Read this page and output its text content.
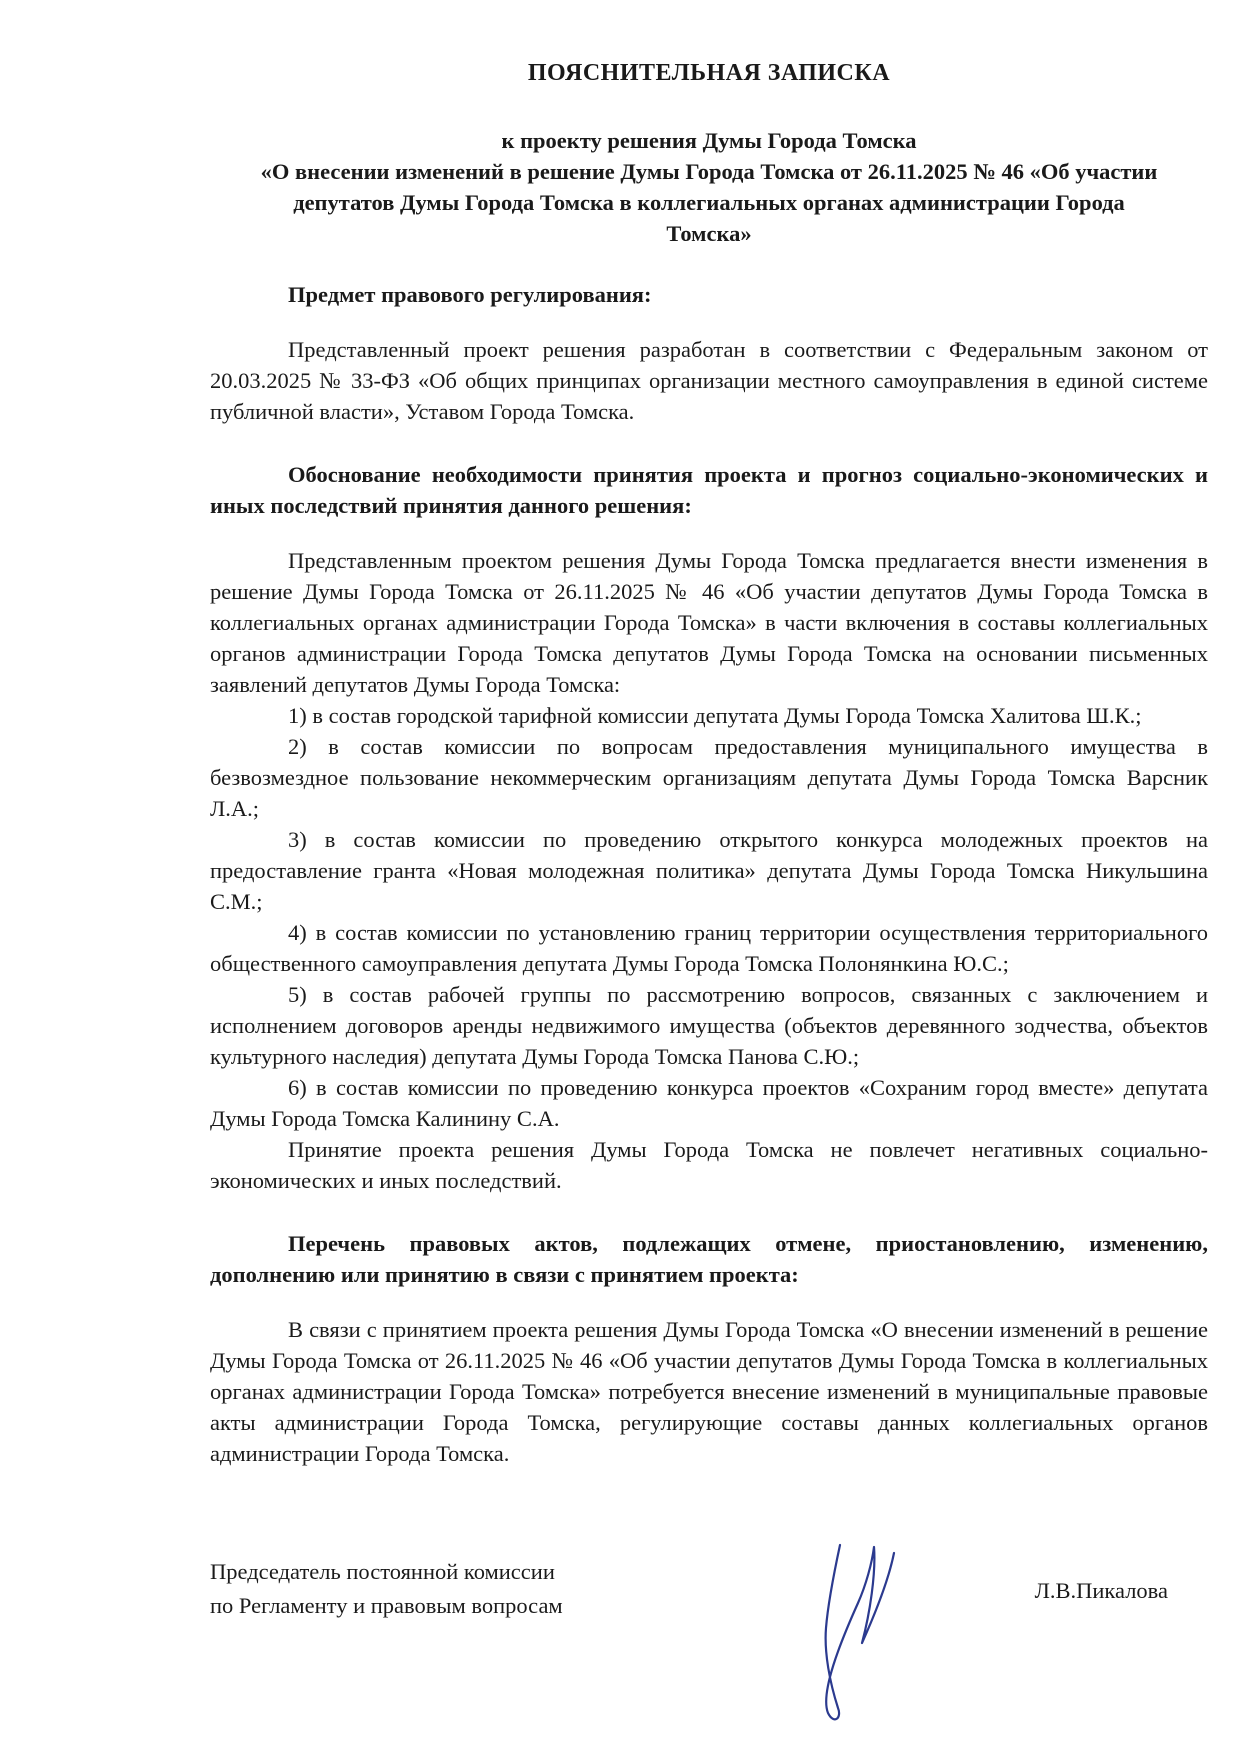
ПОЯСНИТЕЛЬНАЯ ЗАПИСКА
к проекту решения Думы Города Томска
«О внесении изменений в решение Думы Города Томска от 26.11.2025 № 46 «Об участии
депутатов Думы Города Томска в коллегиальных органах администрации Города
Томска»
Предмет правового регулирования:

Представленный проект решения разработан в соответствии с Федеральным законом от 20.03.2025 № 33-ФЗ «Об общих принципах организации местного самоуправления в единой системе публичной власти», Уставом Города Томска.

Обоснование необходимости принятия проекта и прогноз социально-экономических и иных последствий принятия данного решения:

Представленным проектом решения Думы Города Томска предлагается внести изменения в решение Думы Города Томска от 26.11.2025 № 46 «Об участии депутатов Думы Города Томска в коллегиальных органах администрации Города Томска» в части включения в составы коллегиальных органов администрации Города Томска депутатов Думы Города Томска на основании письменных заявлений депутатов Думы Города Томска:

1) в состав городской тарифной комиссии депутата Думы Города Томска Халитова Ш.К.;

2) в состав комиссии по вопросам предоставления муниципального имущества в безвозмездное пользование некоммерческим организациям депутата Думы Города Томска Варсник Л.А.;

3) в состав комиссии по проведению открытого конкурса молодежных проектов на предоставление гранта «Новая молодежная политика» депутата Думы Города Томска Никульшина С.М.;

4) в состав комиссии по установлению границ территории осуществления территориального общественного самоуправления депутата Думы Города Томска Полонянкина Ю.С.;

5) в состав рабочей группы по рассмотрению вопросов, связанных с заключением и исполнением договоров аренды недвижимого имущества (объектов деревянного зодчества, объектов культурного наследия) депутата Думы Города Томска Панова С.Ю.;

6) в состав комиссии по проведению конкурса проектов «Сохраним город вместе» депутата Думы Города Томска Калинину С.А.

Принятие проекта решения Думы Города Томска не повлечет негативных социально-экономических и иных последствий.

Перечень правовых актов, подлежащих отмене, приостановлению, изменению, дополнению или принятию в связи с принятием проекта:

В связи с принятием проекта решения Думы Города Томска «О внесении изменений в решение Думы Города Томска от 26.11.2025 № 46 «Об участии депутатов Думы Города Томска в коллегиальных органах администрации Города Томска» потребуется внесение изменений в муниципальные правовые акты администрации Города Томска, регулирующие составы данных коллегиальных органов администрации Города Томска.

Председатель постоянной комиссии
по Регламенту и правовым вопросам
Л.В.Пикалова
